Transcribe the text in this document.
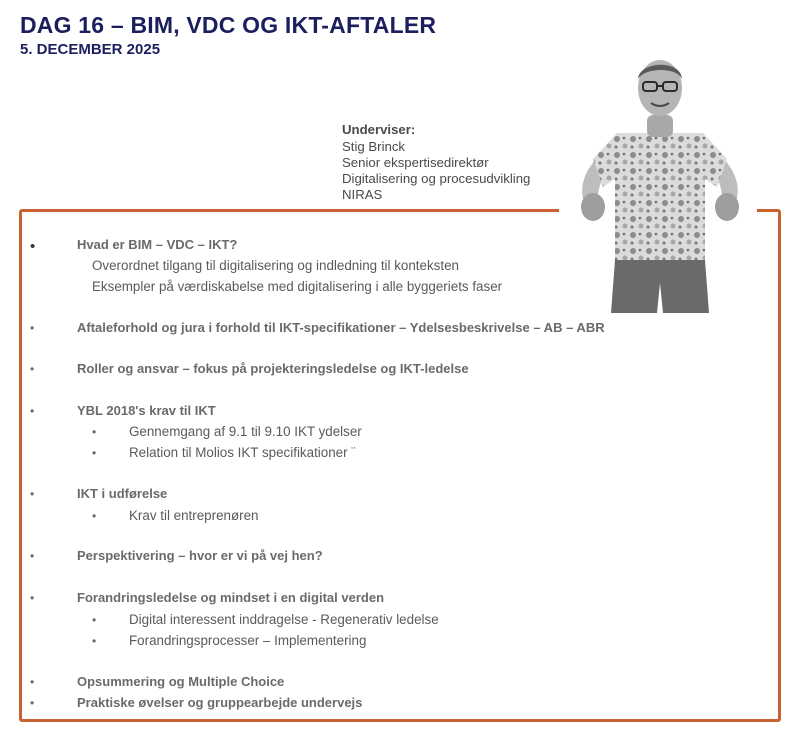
DAG 16 – BIM, VDC OG IKT-AFTALER
5. DECEMBER 2025
Underviser:
Stig Brinck
Senior ekspertisedirektør
Digitalisering og procesudvikling
NIRAS
•	Hvad er BIM – VDC – IKT?
Overordnet tilgang til digitalisering og indledning til konteksten
Eksempler på værdiskabelse med digitalisering i alle byggeriets faser
•	Aftaleforhold og jura i forhold til IKT-specifikationer – Ydelsesbeskrivelse – AB – ABR
•	Roller og ansvar – fokus på projekteringsledelse og IKT-ledelse
•	YBL 2018's krav til IKT
• Gennemgang af 9.1 til 9.10 IKT ydelser
• Relation til Molios IKT specifikationer ¨
•	IKT i udførelse
• Krav til entreprenøren
•	Perspektivering – hvor er vi på vej hen?
•	Forandringsledelse og mindset i en digital verden
• Digital interessent inddragelse - Regenerativ ledelse
• Forandringsprocesser – Implementering
•	Opsummering og Multiple Choice
•	Praktiske øvelser og gruppearbejde undervejs
